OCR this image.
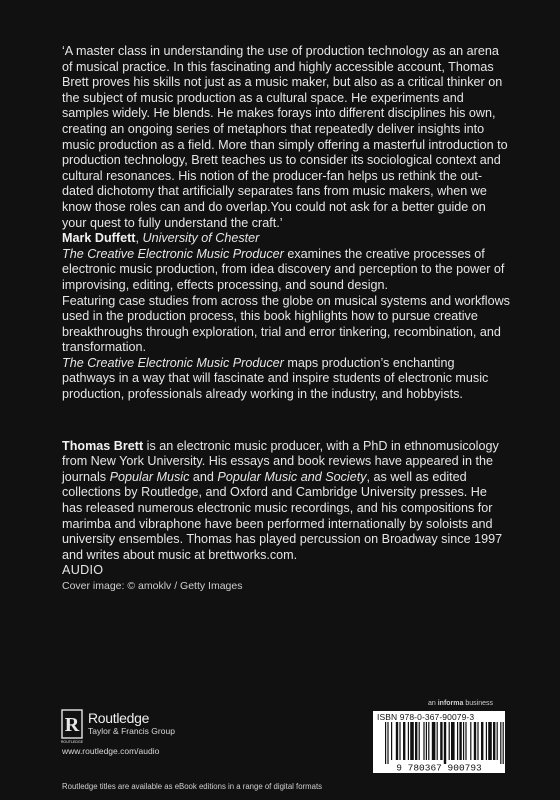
‘A master class in understanding the use of production technology as an arena of musical practice. In this fascinating and highly accessible account, Thomas Brett proves his skills not just as a music maker, but also as a critical thinker on the subject of music production as a cultural space. He experiments and samples widely. He blends. He makes forays into different disciplines his own, creating an ongoing series of metaphors that repeatedly deliver insights into music production as a field. More than simply offering a masterful introduction to production technology, Brett teaches us to consider its sociological context and cultural resonances. His notion of the producer-fan helps us rethink the out-dated dichotomy that artificially separates fans from music makers, when we know those roles can and do overlap.You could not ask for a better guide on your quest to fully understand the craft.’

Mark Duffett, University of Chester

The Creative Electronic Music Producer examines the creative processes of electronic music production, from idea discovery and perception to the power of improvising, editing, effects processing, and sound design.

Featuring case studies from across the globe on musical systems and workflows used in the production process, this book highlights how to pursue creative breakthroughs through exploration, trial and error tinkering, recombination, and transformation.

The Creative Electronic Music Producer maps production’s enchanting pathways in a way that will fascinate and inspire students of electronic music production, professionals already working in the industry, and hobbyists.

Thomas Brett is an electronic music producer, with a PhD in ethnomusicology from New York University. His essays and book reviews have appeared in the journals Popular Music and Popular Music and Society, as well as edited collections by Routledge, and Oxford and Cambridge University presses. He has released numerous electronic music recordings, and his compositions for marimba and vibraphone have been performed internationally by soloists and university ensembles. Thomas has played percussion on Broadway since 1997 and writes about music at brettworks.com.

AUDIO

Cover image: © amoklv / Getty Images

R
ROUTLEDGE
Routledge
Taylor & Francis Group
www.routledge.com/audio
Routledge titles are available as eBook editions in a range of digital formats
an informa business
ISBN 978-0-367-90079-3
9 780367 900793
